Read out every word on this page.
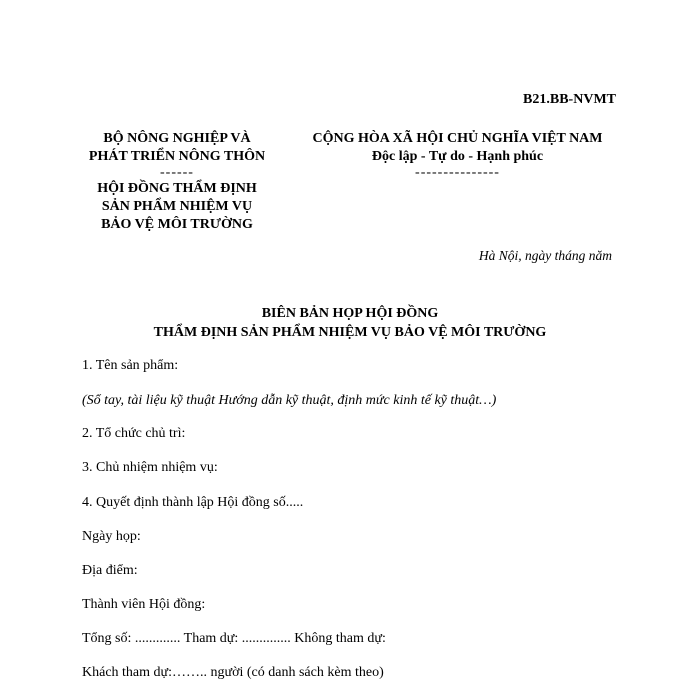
B21.BB-NVMT
BỘ NÔNG NGHIỆP VÀ
PHÁT TRIỂN NÔNG THÔN
------
HỘI ĐỒNG THẨM ĐỊNH
SẢN PHẨM NHIỆM VỤ
BẢO VỆ MÔI TRƯỜNG
CỘNG HÒA XÃ HỘI CHỦ NGHĨA VIỆT NAM
Độc lập - Tự do - Hạnh phúc
---------------
Hà Nội, ngày tháng năm
BIÊN BẢN HỌP HỘI ĐỒNG
THẨM ĐỊNH SẢN PHẨM NHIỆM VỤ BẢO VỆ MÔI TRƯỜNG
1. Tên sản phẩm:
(Sổ tay, tài liệu kỹ thuật Hướng dẫn kỹ thuật, định mức kinh tế kỹ thuật…)
2. Tổ chức chủ trì:
3. Chủ nhiệm nhiệm vụ:
4. Quyết định thành lập Hội đồng số.....
Ngày họp:
Địa điểm:
Thành viên Hội đồng:
Tổng số: ............. Tham dự: .............. Không tham dự:
Khách tham dự:…….. người (có danh sách kèm theo)
